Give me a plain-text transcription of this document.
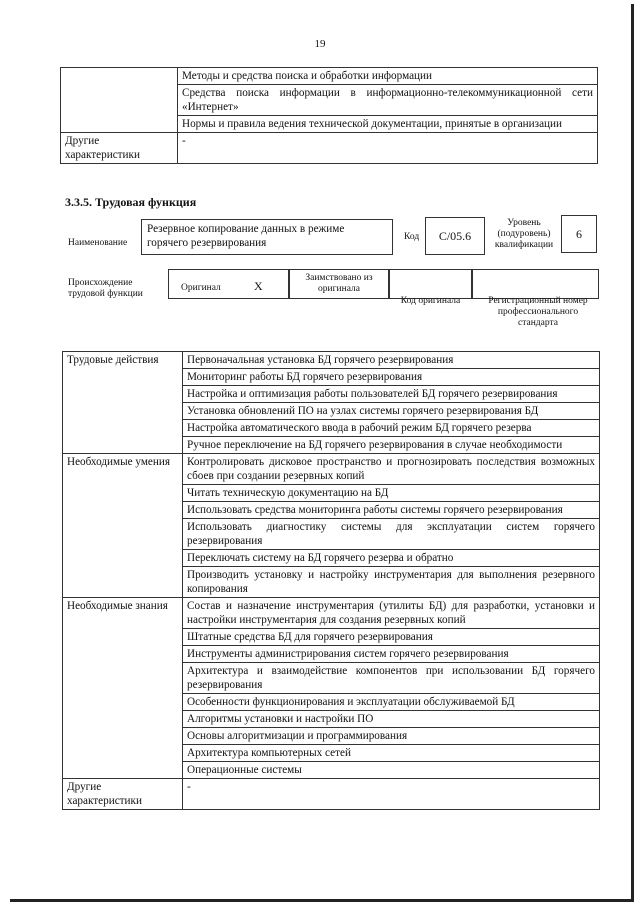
19
	Методы и средства поиска и обработки информации
	Средства поиска информации в информационно-телекоммуникационной сети «Интернет»
	Нормы и правила ведения технической документации, принятые в организации
Другие характеристики	-
3.3.5. Трудовая функция
Наименование
Резервное копирование данных в режиме горячего резервирования	Код	C/05.6
Уровень (подуровень) квалификации
6
Происхождение трудовой функции
Оригинал	X
Заимствовано из оригинала
Код оригинала	Регистрационный номер профессионального стандарта
Трудовые действия	Первоначальная установка БД горячего резервирования
	Мониторинг работы БД горячего резервирования
	Настройка и оптимизация работы пользователей БД горячего резервирования
	Установка обновлений ПО на узлах системы горячего резервирования БД
	Настройка автоматического ввода в рабочий режим БД горячего резерва
	Ручное переключение на БД горячего резервирования в случае необходимости
Необходимые умения	Контролировать дисковое пространство и прогнозировать последствия возможных сбоев при создании резервных копий
	Читать техническую документацию на БД
	Использовать средства мониторинга работы системы горячего резервирования
	Использовать диагностику системы для эксплуатации систем горячего резервирования
	Переключать систему на БД горячего резерва и обратно
	Производить установку и настройку инструментария для выполнения резервного копирования
Необходимые знания	Состав и назначение инструментария (утилиты БД) для разработки, установки и настройки инструментария для создания резервных копий
	Штатные средства БД для горячего резервирования
	Инструменты администрирования систем горячего резервирования
	Архитектура и взаимодействие компонентов при использовании БД горячего резервирования
	Особенности функционирования и эксплуатации обслуживаемой БД
	Алгоритмы установки и настройки ПО
	Основы алгоритмизации и программирования
	Архитектура компьютерных сетей
	Операционные системы
Другие характеристики	-
